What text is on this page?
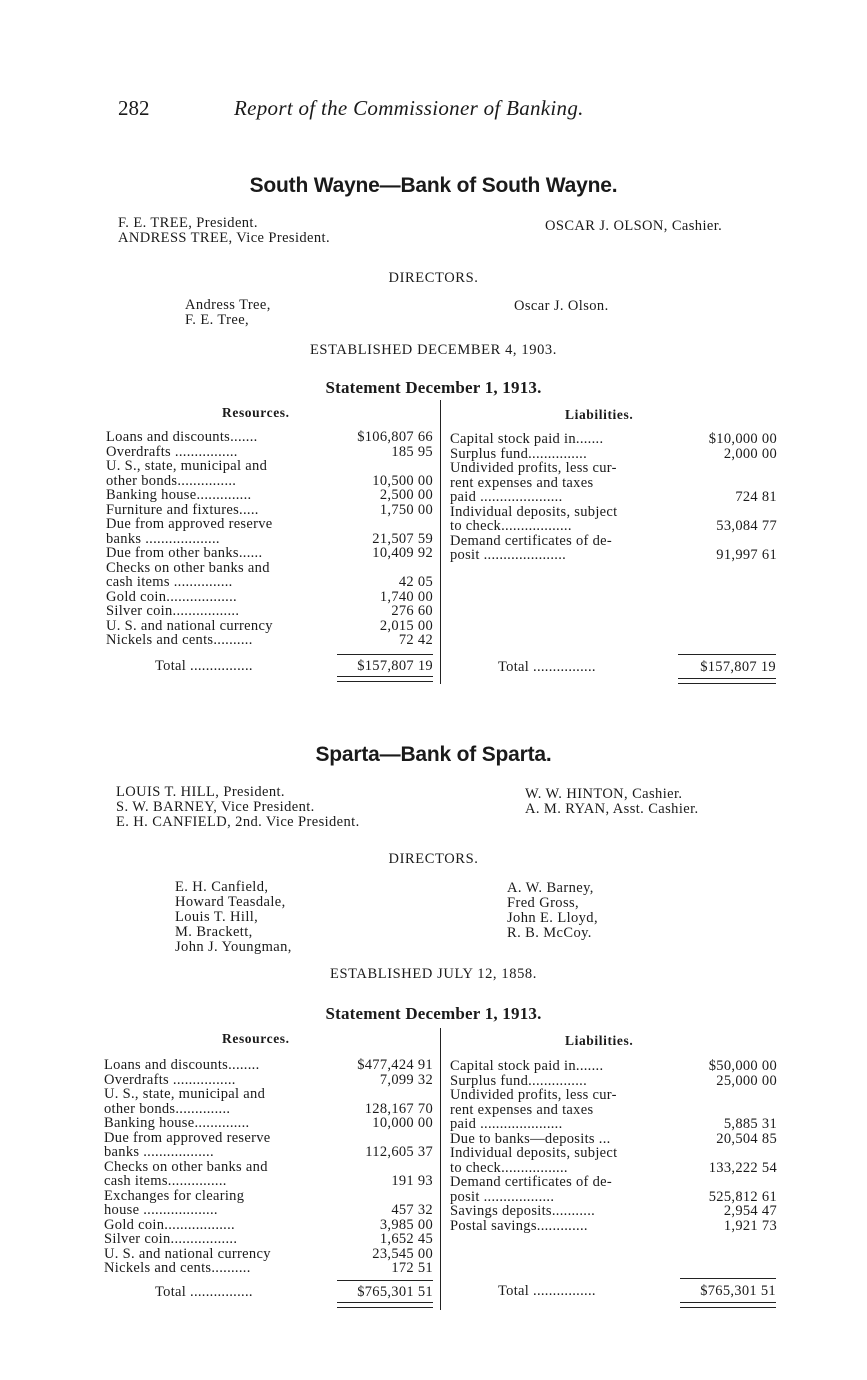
282	Report of the Commissioner of Banking.
South Wayne—Bank of South Wayne.
F. E. TREE, President.
ANDRESS TREE, Vice President.
OSCAR J. OLSON, Cashier.
DIRECTORS.
Andress Tree,
F. E. Tree,
Oscar J. Olson.
ESTABLISHED DECEMBER 4, 1903.
Statement December 1, 1913.
Resources.	Liabilities.
Loans and discounts.......	$106,807 66
Overdrafts ................	185 95
U. S., state, municipal and
other bonds...............	10,500 00
Banking house..............	2,500 00
Furniture and fixtures.....	1,750 00
Due from approved reserve
banks ...................	21,507 59
Due from other banks......	10,409 92
Checks on other banks and
cash items ...............	42 05
Gold coin..................	1,740 00
Silver coin.................	276 60
U. S. and national currency	2,015 00
Nickels and cents..........	72 42
Capital stock paid in.......	$10,000 00
Surplus fund...............	2,000 00
Undivided profits, less cur-
rent expenses and taxes
paid .....................	724 81
Individual deposits, subject
to check..................	53,084 77
Demand certificates of de-
posit .....................	91,997 61
Total ................	$157,807 19	Total ................	$157,807 19
Sparta—Bank of Sparta.
LOUIS T. HILL, President.
S. W. BARNEY, Vice President.
E. H. CANFIELD, 2nd. Vice President.
W. W. HINTON, Cashier.
A. M. RYAN, Asst. Cashier.
DIRECTORS.
E. H. Canfield,
Howard Teasdale,
Louis T. Hill,
M. Brackett,
John J. Youngman,
A. W. Barney,
Fred Gross,
John E. Lloyd,
R. B. McCoy.
ESTABLISHED JULY 12, 1858.
Statement December 1, 1913.
Resources.	Liabilities.
Loans and discounts........	$477,424 91
Overdrafts ................	7,099 32
U. S., state, municipal and
other bonds..............	128,167 70
Banking house..............	10,000 00
Due from approved reserve
banks ..................	112,605 37
Checks on other banks and
cash items...............	191 93
Exchanges for clearing
house ...................	457 32
Gold coin..................	3,985 00
Silver coin.................	1,652 45
U. S. and national currency	23,545 00
Nickels and cents..........	172 51
Capital stock paid in.......	$50,000 00
Surplus fund...............	25,000 00
Undivided profits, less cur-
rent expenses and taxes
paid .....................	5,885 31
Due to banks—deposits ...	20,504 85
Individual deposits, subject
to check.................	133,222 54
Demand certificates of de-
posit ..................	525,812 61
Savings deposits...........	2,954 47
Postal savings.............	1,921 73
Total ................	$765,301 51	Total ................	$765,301 51
